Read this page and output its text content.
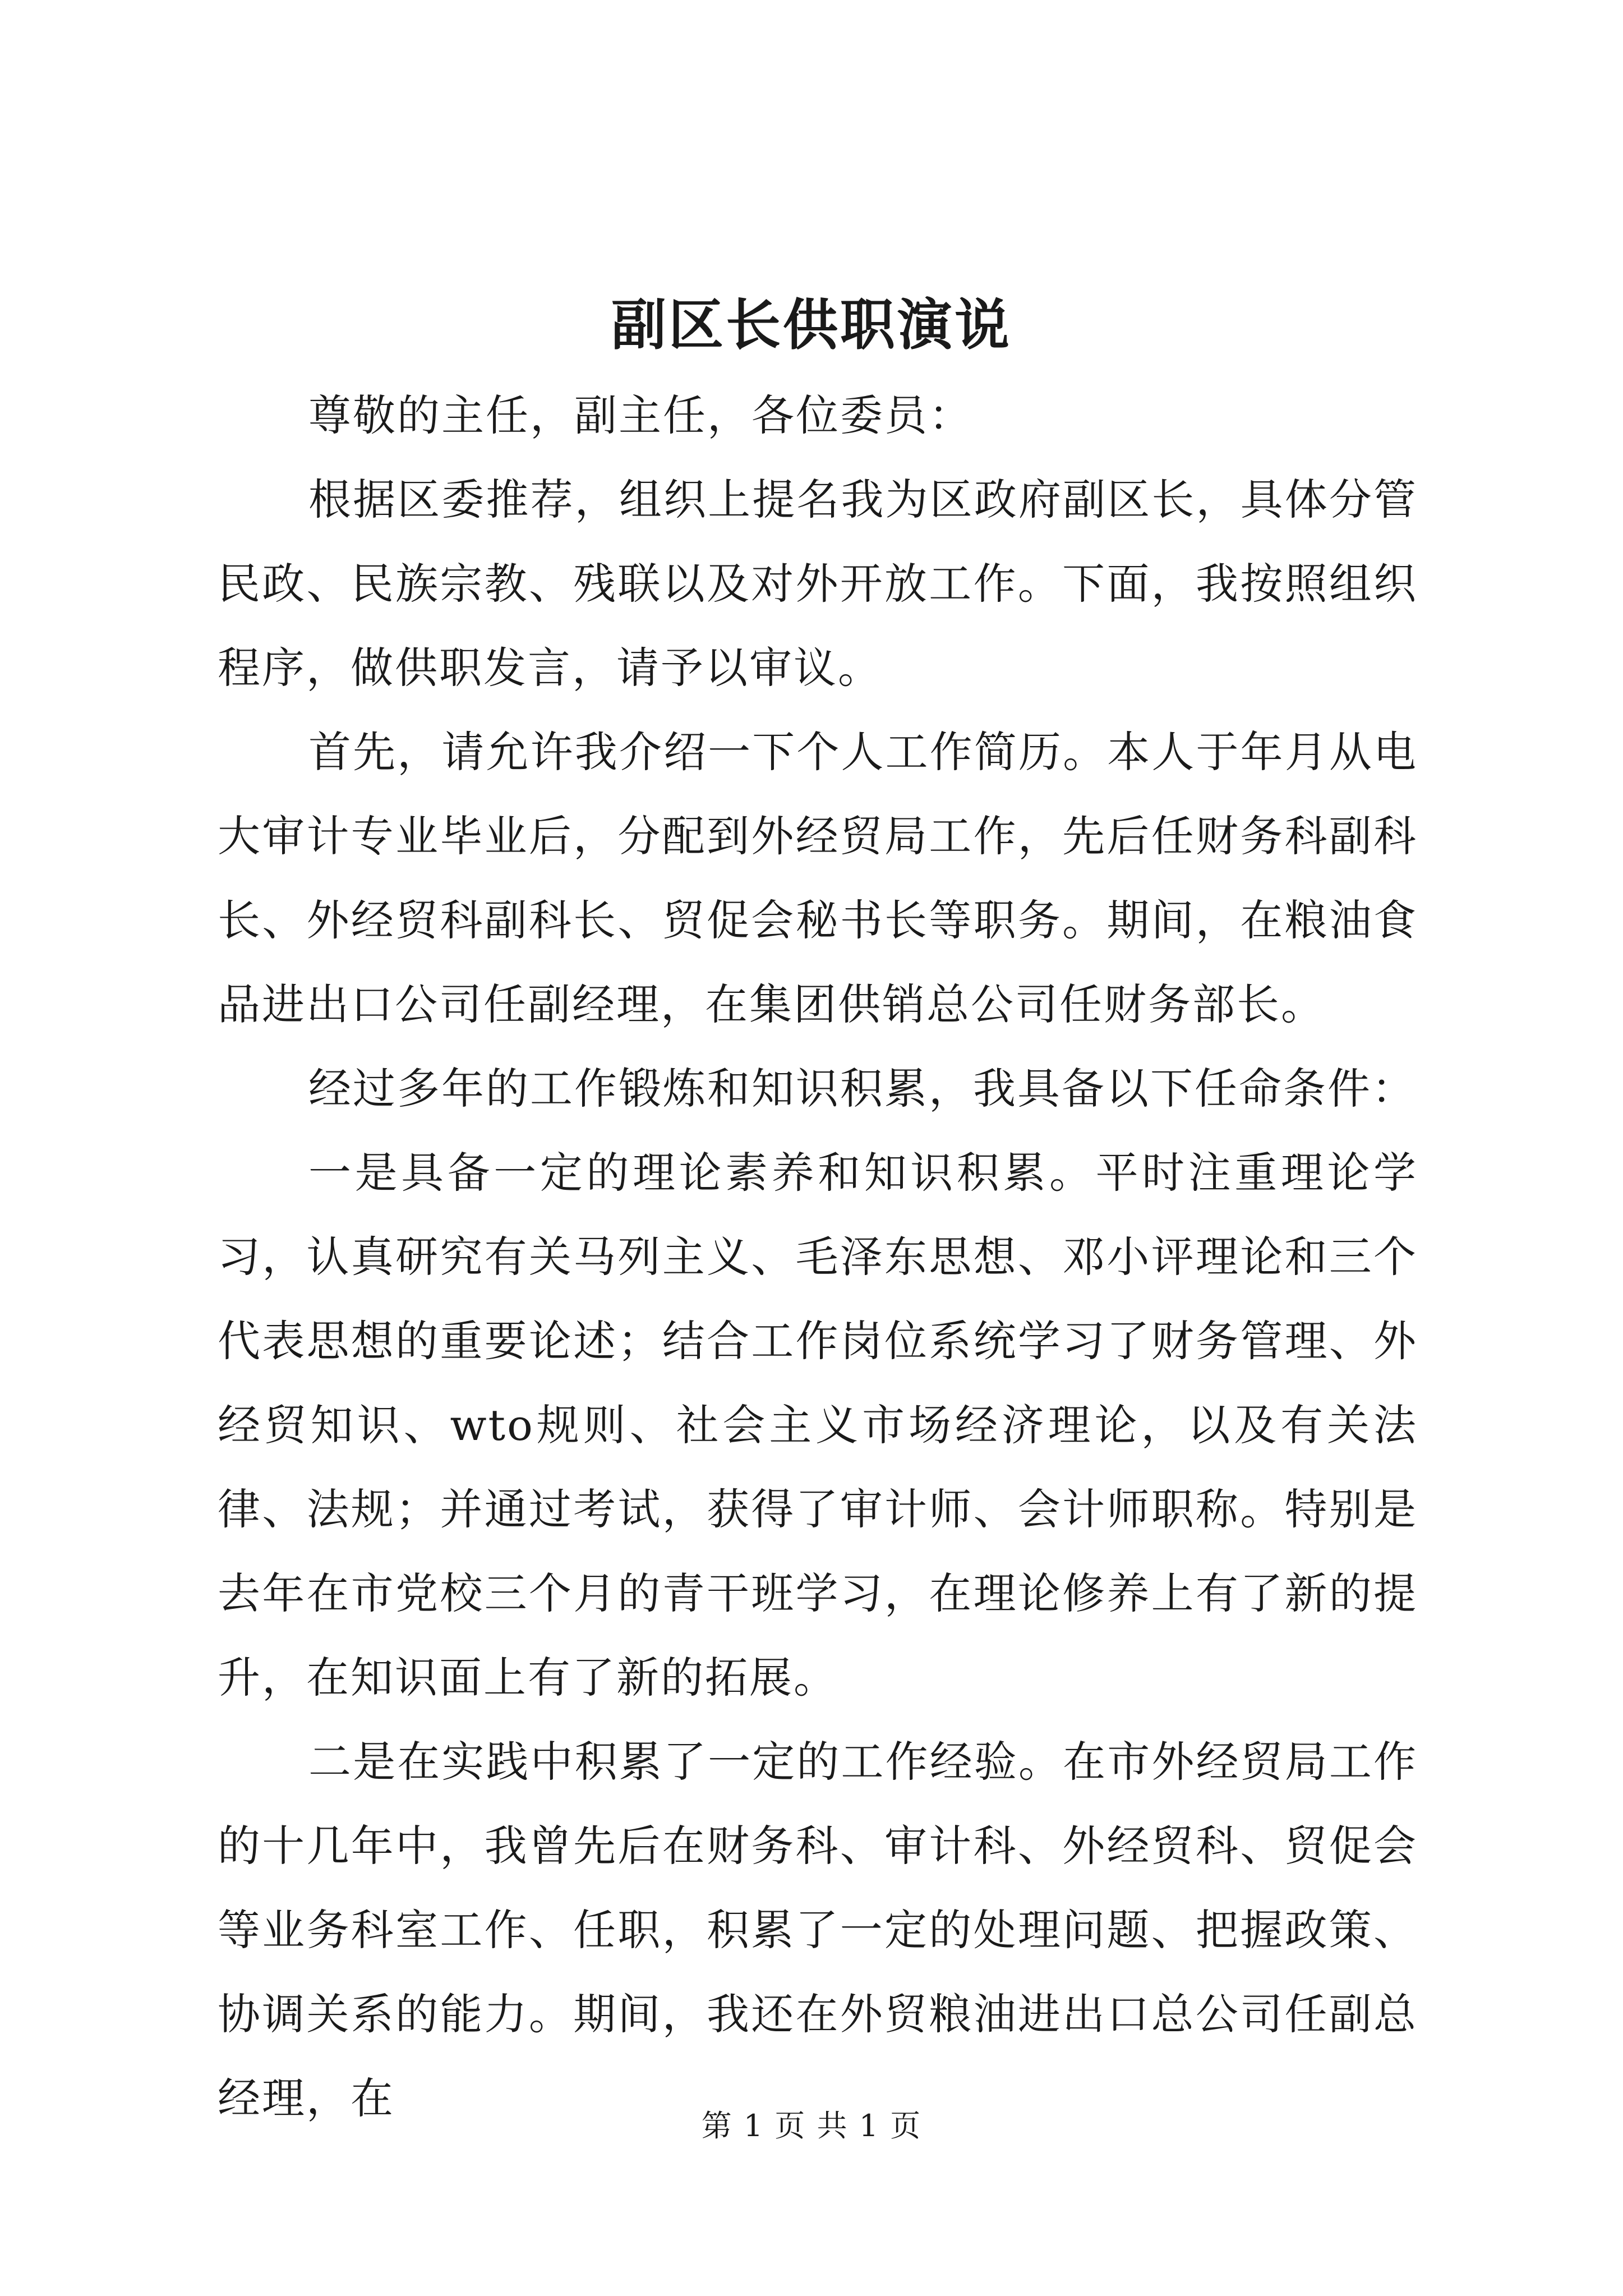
副区长供职演说

尊敬的主任，副主任，各位委员：

根据区委推荐，组织上提名我为区政府副区长，具体分管民政、民族宗教、残联以及对外开放工作。下面，我按照组织程序，做供职发言，请予以审议。

首先，请允许我介绍一下个人工作简历。本人于年月从电大审计专业毕业后，分配到外经贸局工作，先后任财务科副科长、外经贸科副科长、贸促会秘书长等职务。期间，在粮油食品进出口公司任副经理，在集团供销总公司任财务部长。

经过多年的工作锻炼和知识积累，我具备以下任命条件：

一是具备一定的理论素养和知识积累。平时注重理论学习，认真研究有关马列主义、毛泽东思想、邓小评理论和三个代表思想的重要论述；结合工作岗位系统学习了财务管理、外经贸知识、wto规则、社会主义市场经济理论，以及有关法律、法规；并通过考试，获得了审计师、会计师职称。特别是去年在市党校三个月的青干班学习，在理论修养上有了新的提升，在知识面上有了新的拓展。

二是在实践中积累了一定的工作经验。在市外经贸局工作的十几年中，我曾先后在财务科、审计科、外经贸科、贸促会等业务科室工作、任职，积累了一定的处理问题、把握政策、协调关系的能力。期间，我还在外贸粮油进出口总公司任副总经理，在

第 1 页 共 1 页
